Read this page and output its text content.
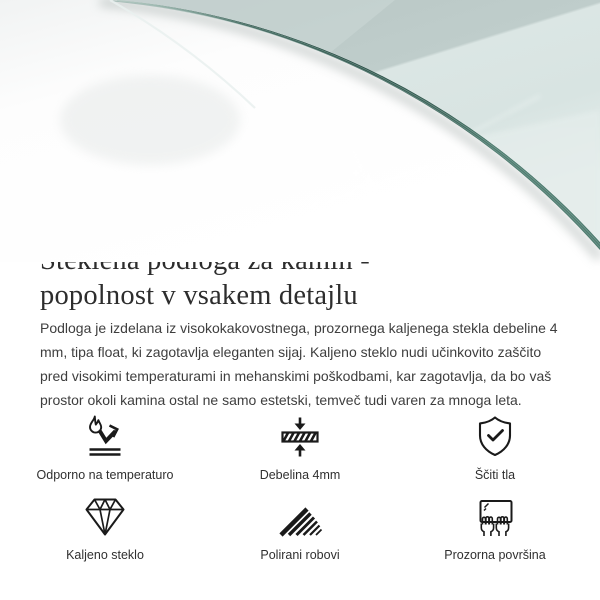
popolnost v vsakem detajlu

Podloga je izdelana iz visokokakovostnega, prozornega kaljenega stekla debeline 4 mm, tipa float, ki zagotavlja eleganten sijaj. Kaljeno steklo nudi učinkovito zaščito pred visokimi temperaturami in mehanskimi poškodbami, kar zagotavlja, da bo vaš prostor okoli kamina ostal ne samo estetski, temveč tudi varen za mnoga leta.

Odporno na temperaturo	Debelina 4mm	Ščiti tla
Kaljeno steklo	Polirani robovi	Prozorna površina
